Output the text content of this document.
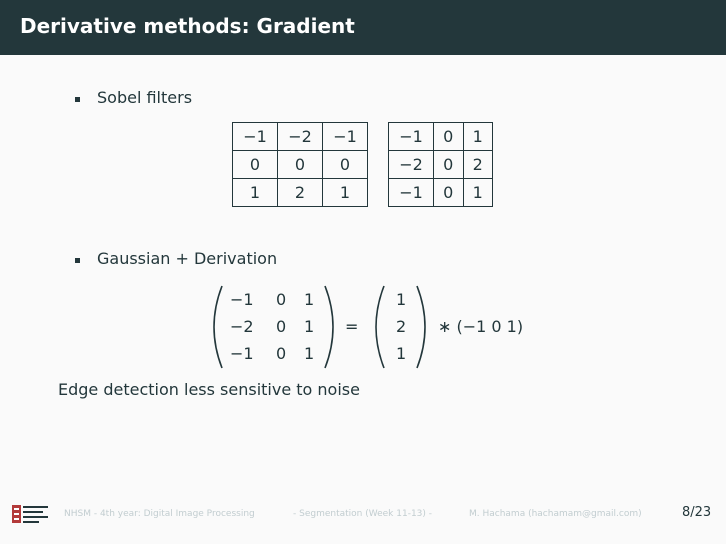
Derivative methods: Gradient
Sobel filters
−1	−2	−1
0	0	0
1	2	1
−1	0	1
−2	0	2
−1	0	1
Gaussian + Derivation
−1 0 1
−2 0 1
−1 0 1
=
1
2
1
∗ (−1 0 1)
Edge detection less sensitive to noise
NHSM - 4th year: Digital Image Processing	- Segmentation (Week 11-13) -	M. Hachama (hachamam@gmail.com)	8/23
